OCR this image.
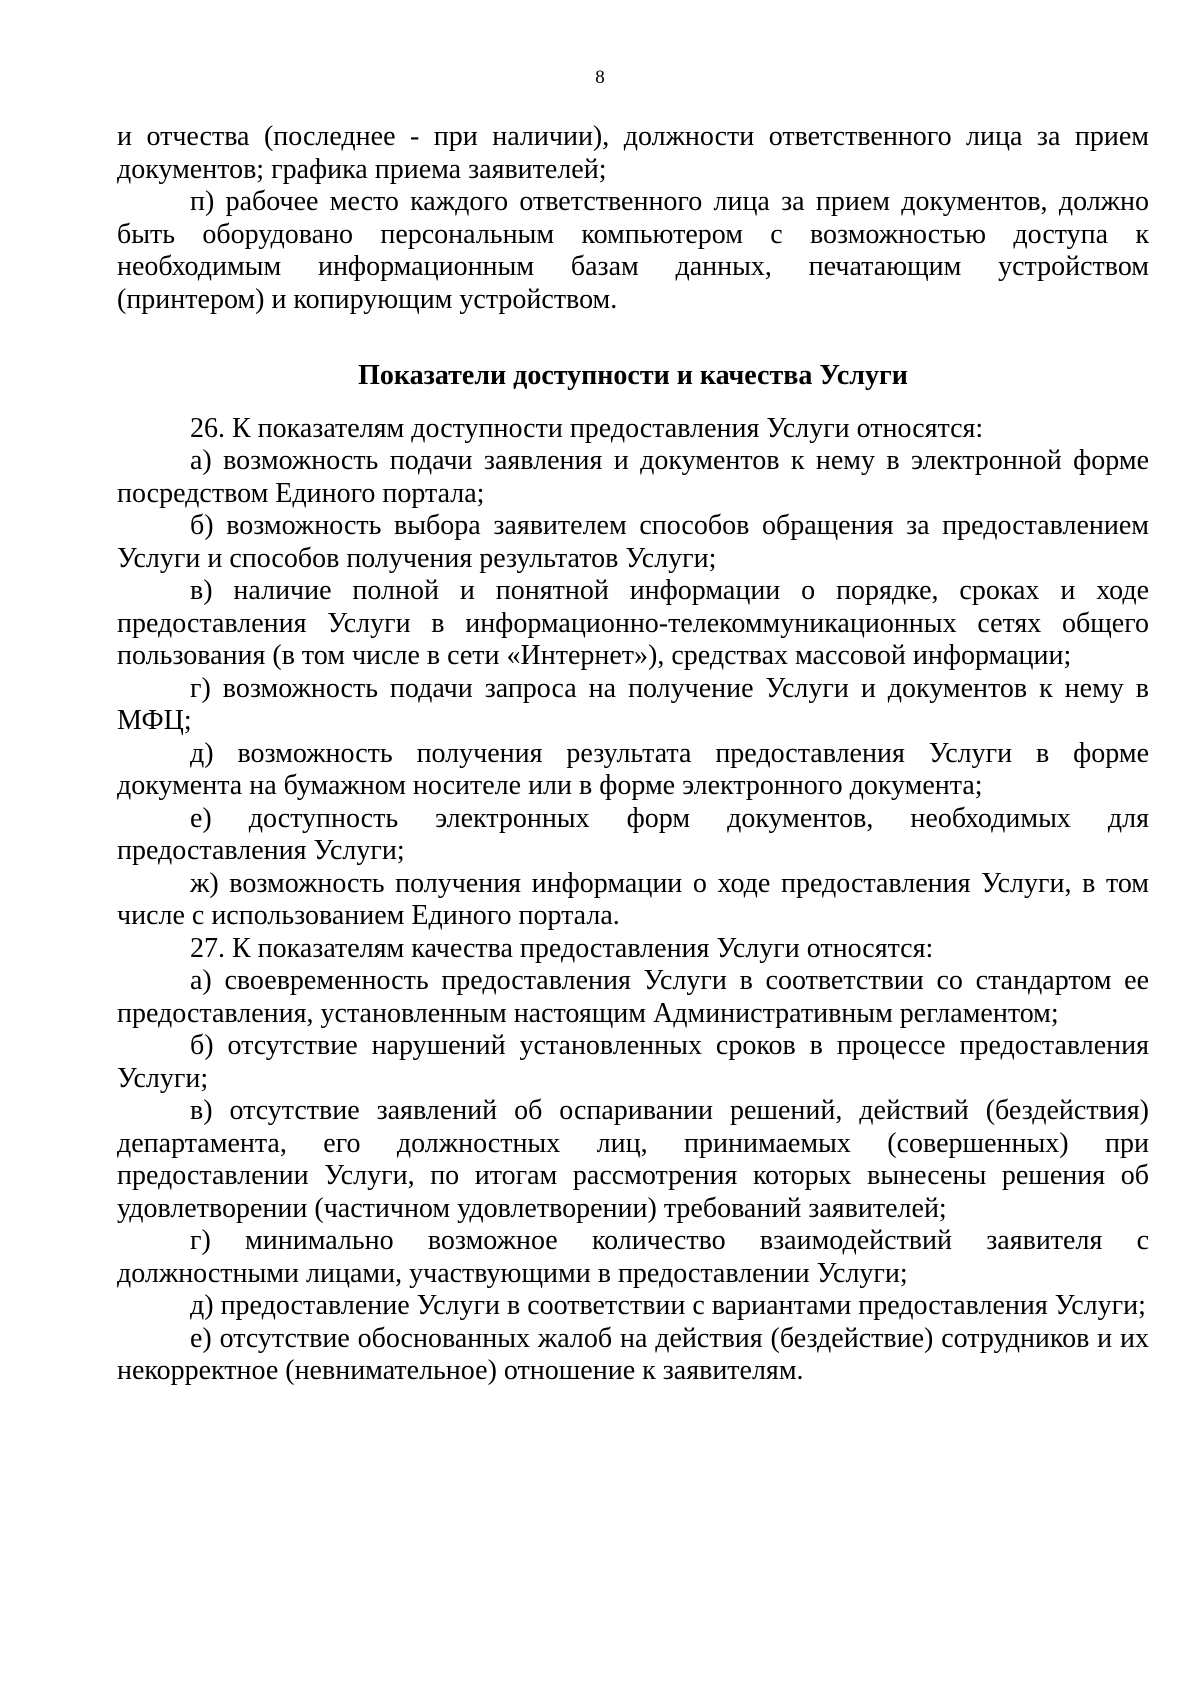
8

и отчества (последнее - при наличии), должности ответственного лица за прием документов; графика приема заявителей;

п) рабочее место каждого ответственного лица за прием документов, должно быть оборудовано персональным компьютером с возможностью доступа к необходимым информационным базам данных, печатающим устройством (принтером) и копирующим устройством.

Показатели доступности и качества Услуги

26. К показателям доступности предоставления Услуги относятся:

а) возможность подачи заявления и документов к нему в электронной форме посредством Единого портала;

б) возможность выбора заявителем способов обращения за предоставлением Услуги и способов получения результатов Услуги;

в) наличие полной и понятной информации о порядке, сроках и ходе предоставления Услуги в информационно-телекоммуникационных сетях общего пользования (в том числе в сети «Интернет»), средствах массовой информации;

г) возможность подачи запроса на получение Услуги и документов к нему в МФЦ;

д) возможность получения результата предоставления Услуги в форме документа на бумажном носителе или в форме электронного документа;

е) доступность электронных форм документов, необходимых для предоставления Услуги;

ж) возможность получения информации о ходе предоставления Услуги, в том числе с использованием Единого портала.

27. К показателям качества предоставления Услуги относятся:

а) своевременность предоставления Услуги в соответствии со стандартом ее предоставления, установленным настоящим Административным регламентом;

б) отсутствие нарушений установленных сроков в процессе предоставления Услуги;

в) отсутствие заявлений об оспаривании решений, действий (бездействия) департамента, его должностных лиц, принимаемых (совершенных) при предоставлении Услуги, по итогам рассмотрения которых вынесены решения об удовлетворении (частичном удовлетворении) требований заявителей;

г) минимально возможное количество взаимодействий заявителя с должностными лицами, участвующими в предоставлении Услуги;

д) предоставление Услуги в соответствии с вариантами предоставления Услуги;

е) отсутствие обоснованных жалоб на действия (бездействие) сотрудников и их некорректное (невнимательное) отношение к заявителям.
